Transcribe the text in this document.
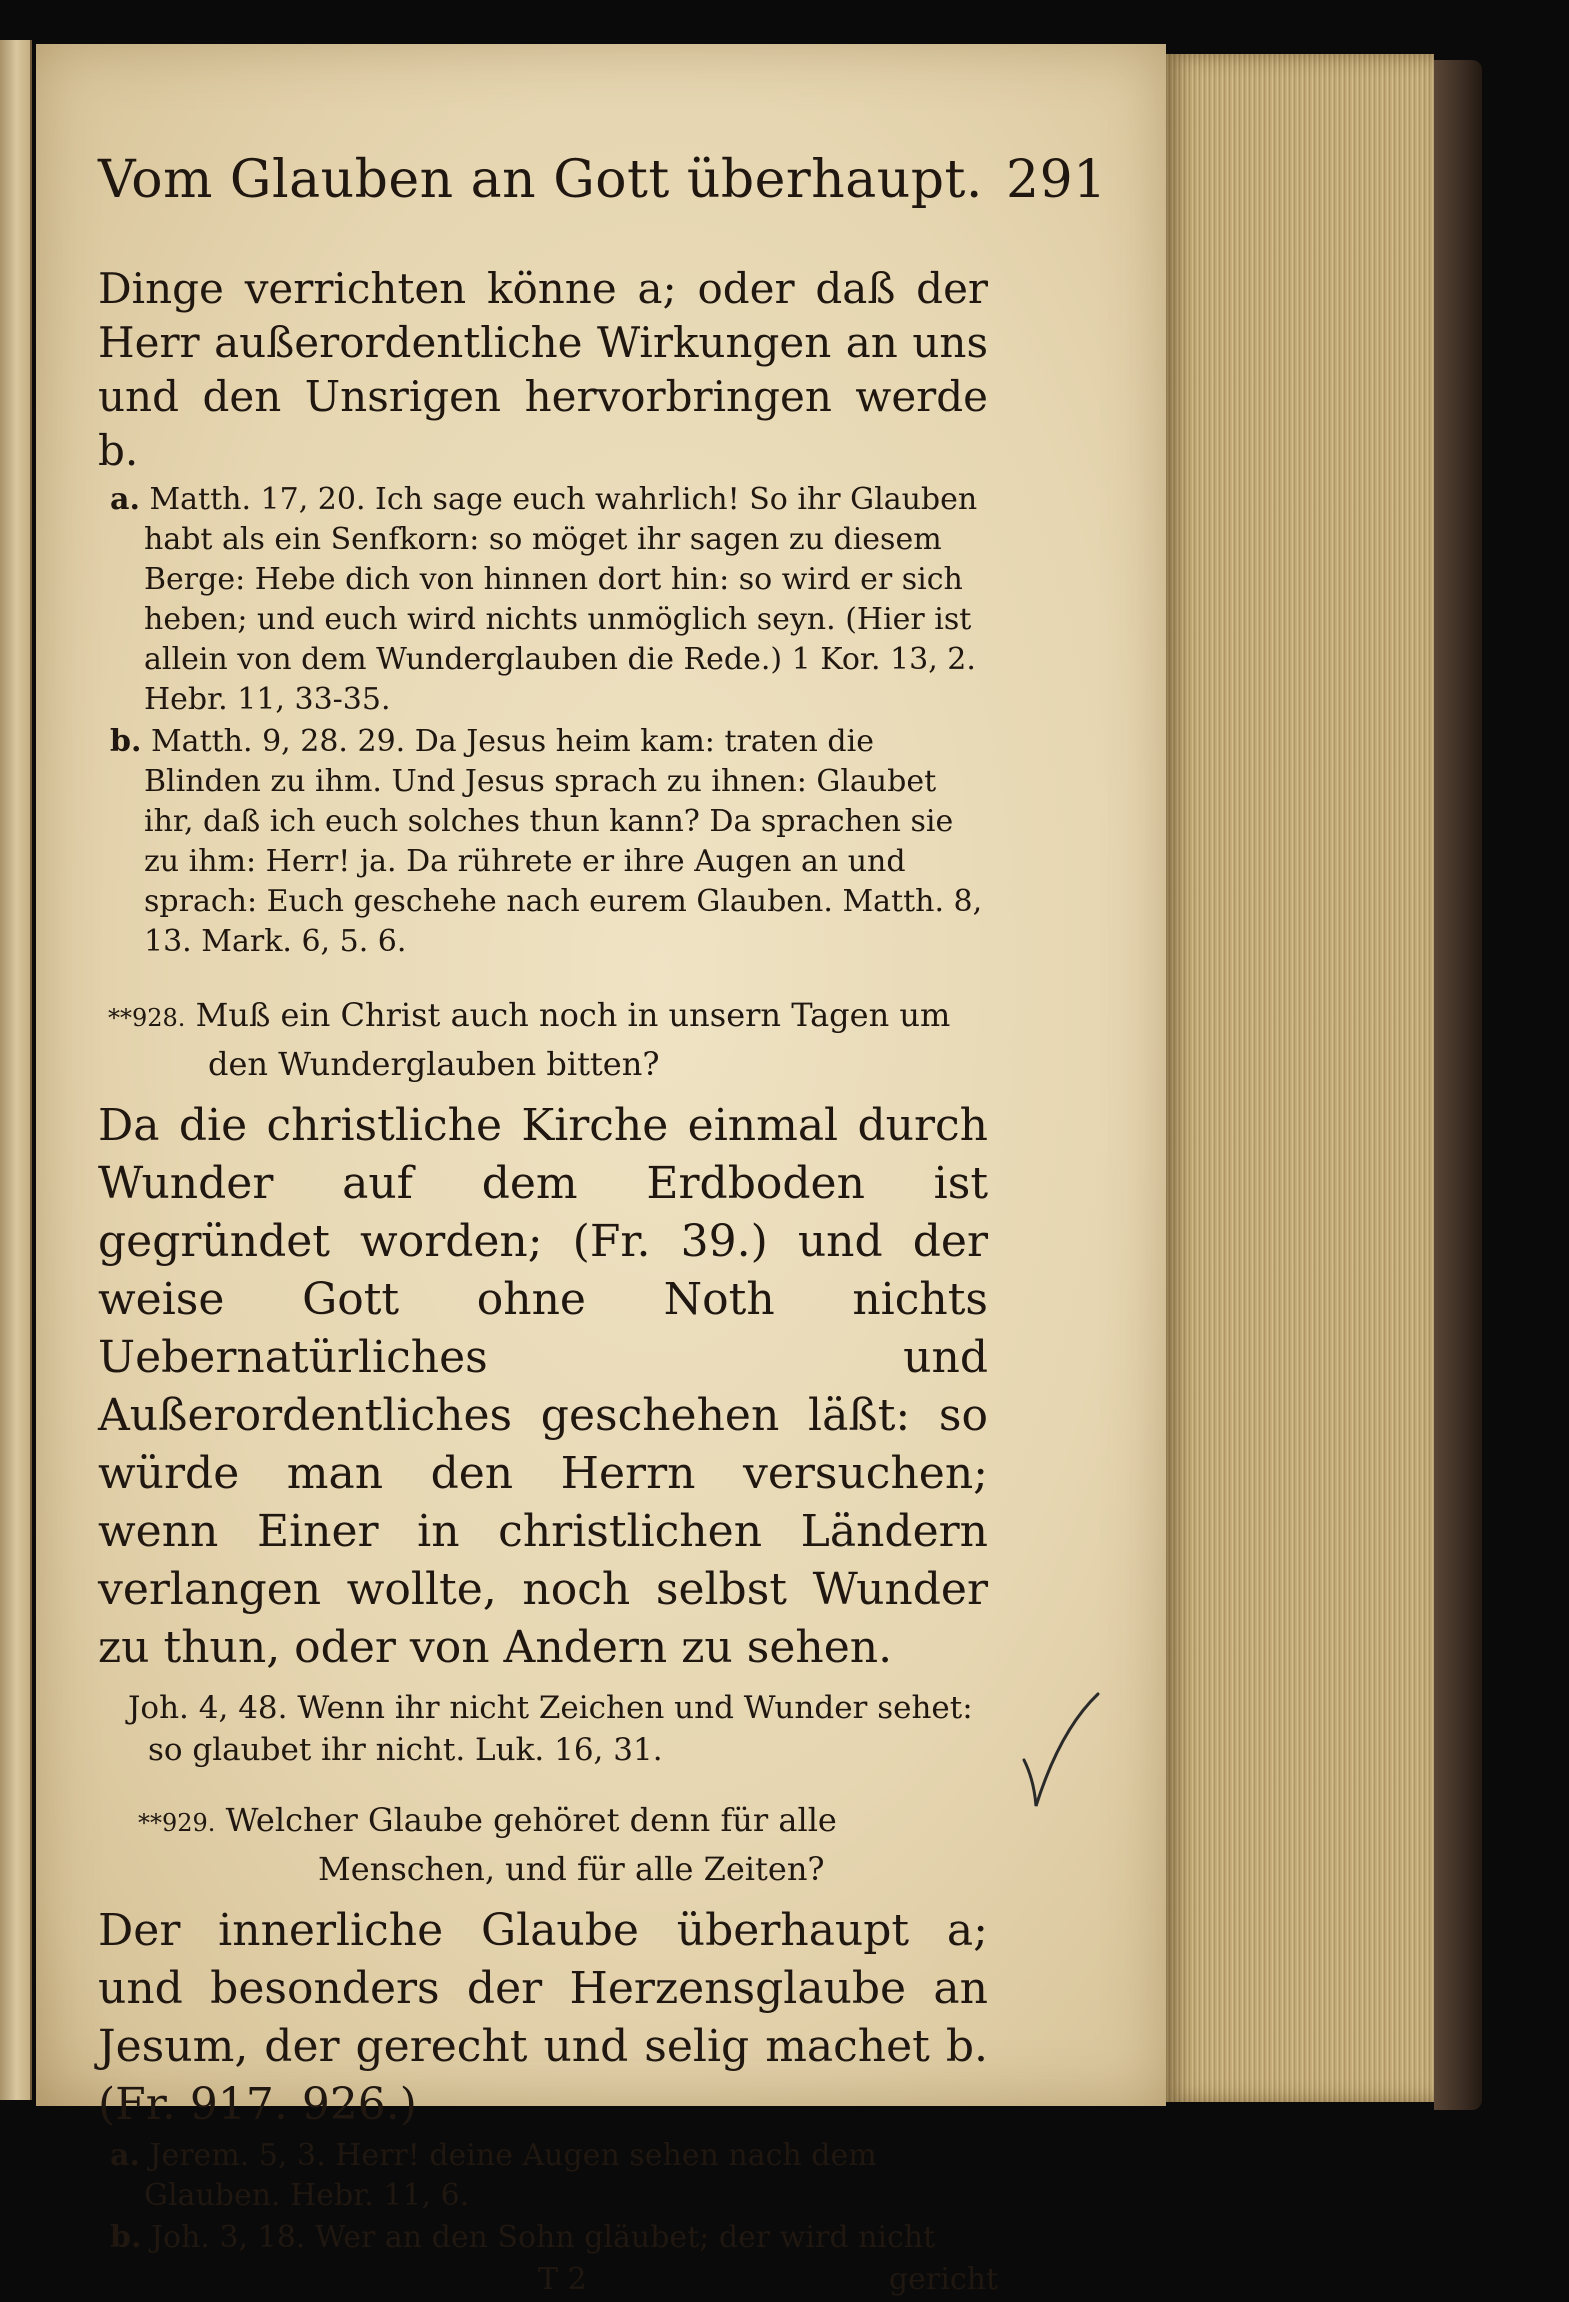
Vom Glauben an Gott überhaupt. 291

Dinge verrichten könne a; oder daß der Herr außerordentliche Wirkungen an uns und den Unsrigen hervorbringen werde b.

a. Matth. 17, 20. Ich sage euch wahrlich! So ihr Glauben habt als ein Senfkorn: so möget ihr sagen zu diesem Berge: Hebe dich von hinnen dort hin: so wird er sich heben; und euch wird nichts unmöglich seyn. (Hier ist allein von dem Wunderglauben die Rede.) 1 Kor. 13, 2. Hebr. 11, 33-35.

b. Matth. 9, 28. 29. Da Jesus heim kam: traten die Blinden zu ihm. Und Jesus sprach zu ihnen: Glaubet ihr, daß ich euch solches thun kann? Da sprachen sie zu ihm: Herr! ja. Da rührete er ihre Augen an und sprach: Euch geschehe nach eurem Glauben. Matth. 8, 13. Mark. 6, 5. 6.

**928. Muß ein Christ auch noch in unsern Tagen um den Wunderglauben bitten?

Da die christliche Kirche einmal durch Wunder auf dem Erdboden ist gegründet worden; (Fr. 39.) und der weise Gott ohne Noth nichts Uebernatürliches und Außerordentliches geschehen läßt: so würde man den Herrn versuchen; wenn Einer in christlichen Ländern verlangen wollte, noch selbst Wunder zu thun, oder von Andern zu sehen.

Joh. 4, 48. Wenn ihr nicht Zeichen und Wunder sehet: so glaubet ihr nicht. Luk. 16, 31.

**929. Welcher Glaube gehöret denn für alle Menschen, und für alle Zeiten?

Der innerliche Glaube überhaupt a; und besonders der Herzensglaube an Jesum, der gerecht und selig machet b. (Fr. 917. 926.)

a. Jerem. 5, 3. Herr! deine Augen sehen nach dem Glauben. Hebr. 11, 6.

b. Joh. 3, 18. Wer an den Sohn gläubet; der wird nicht

T 2	gericht
